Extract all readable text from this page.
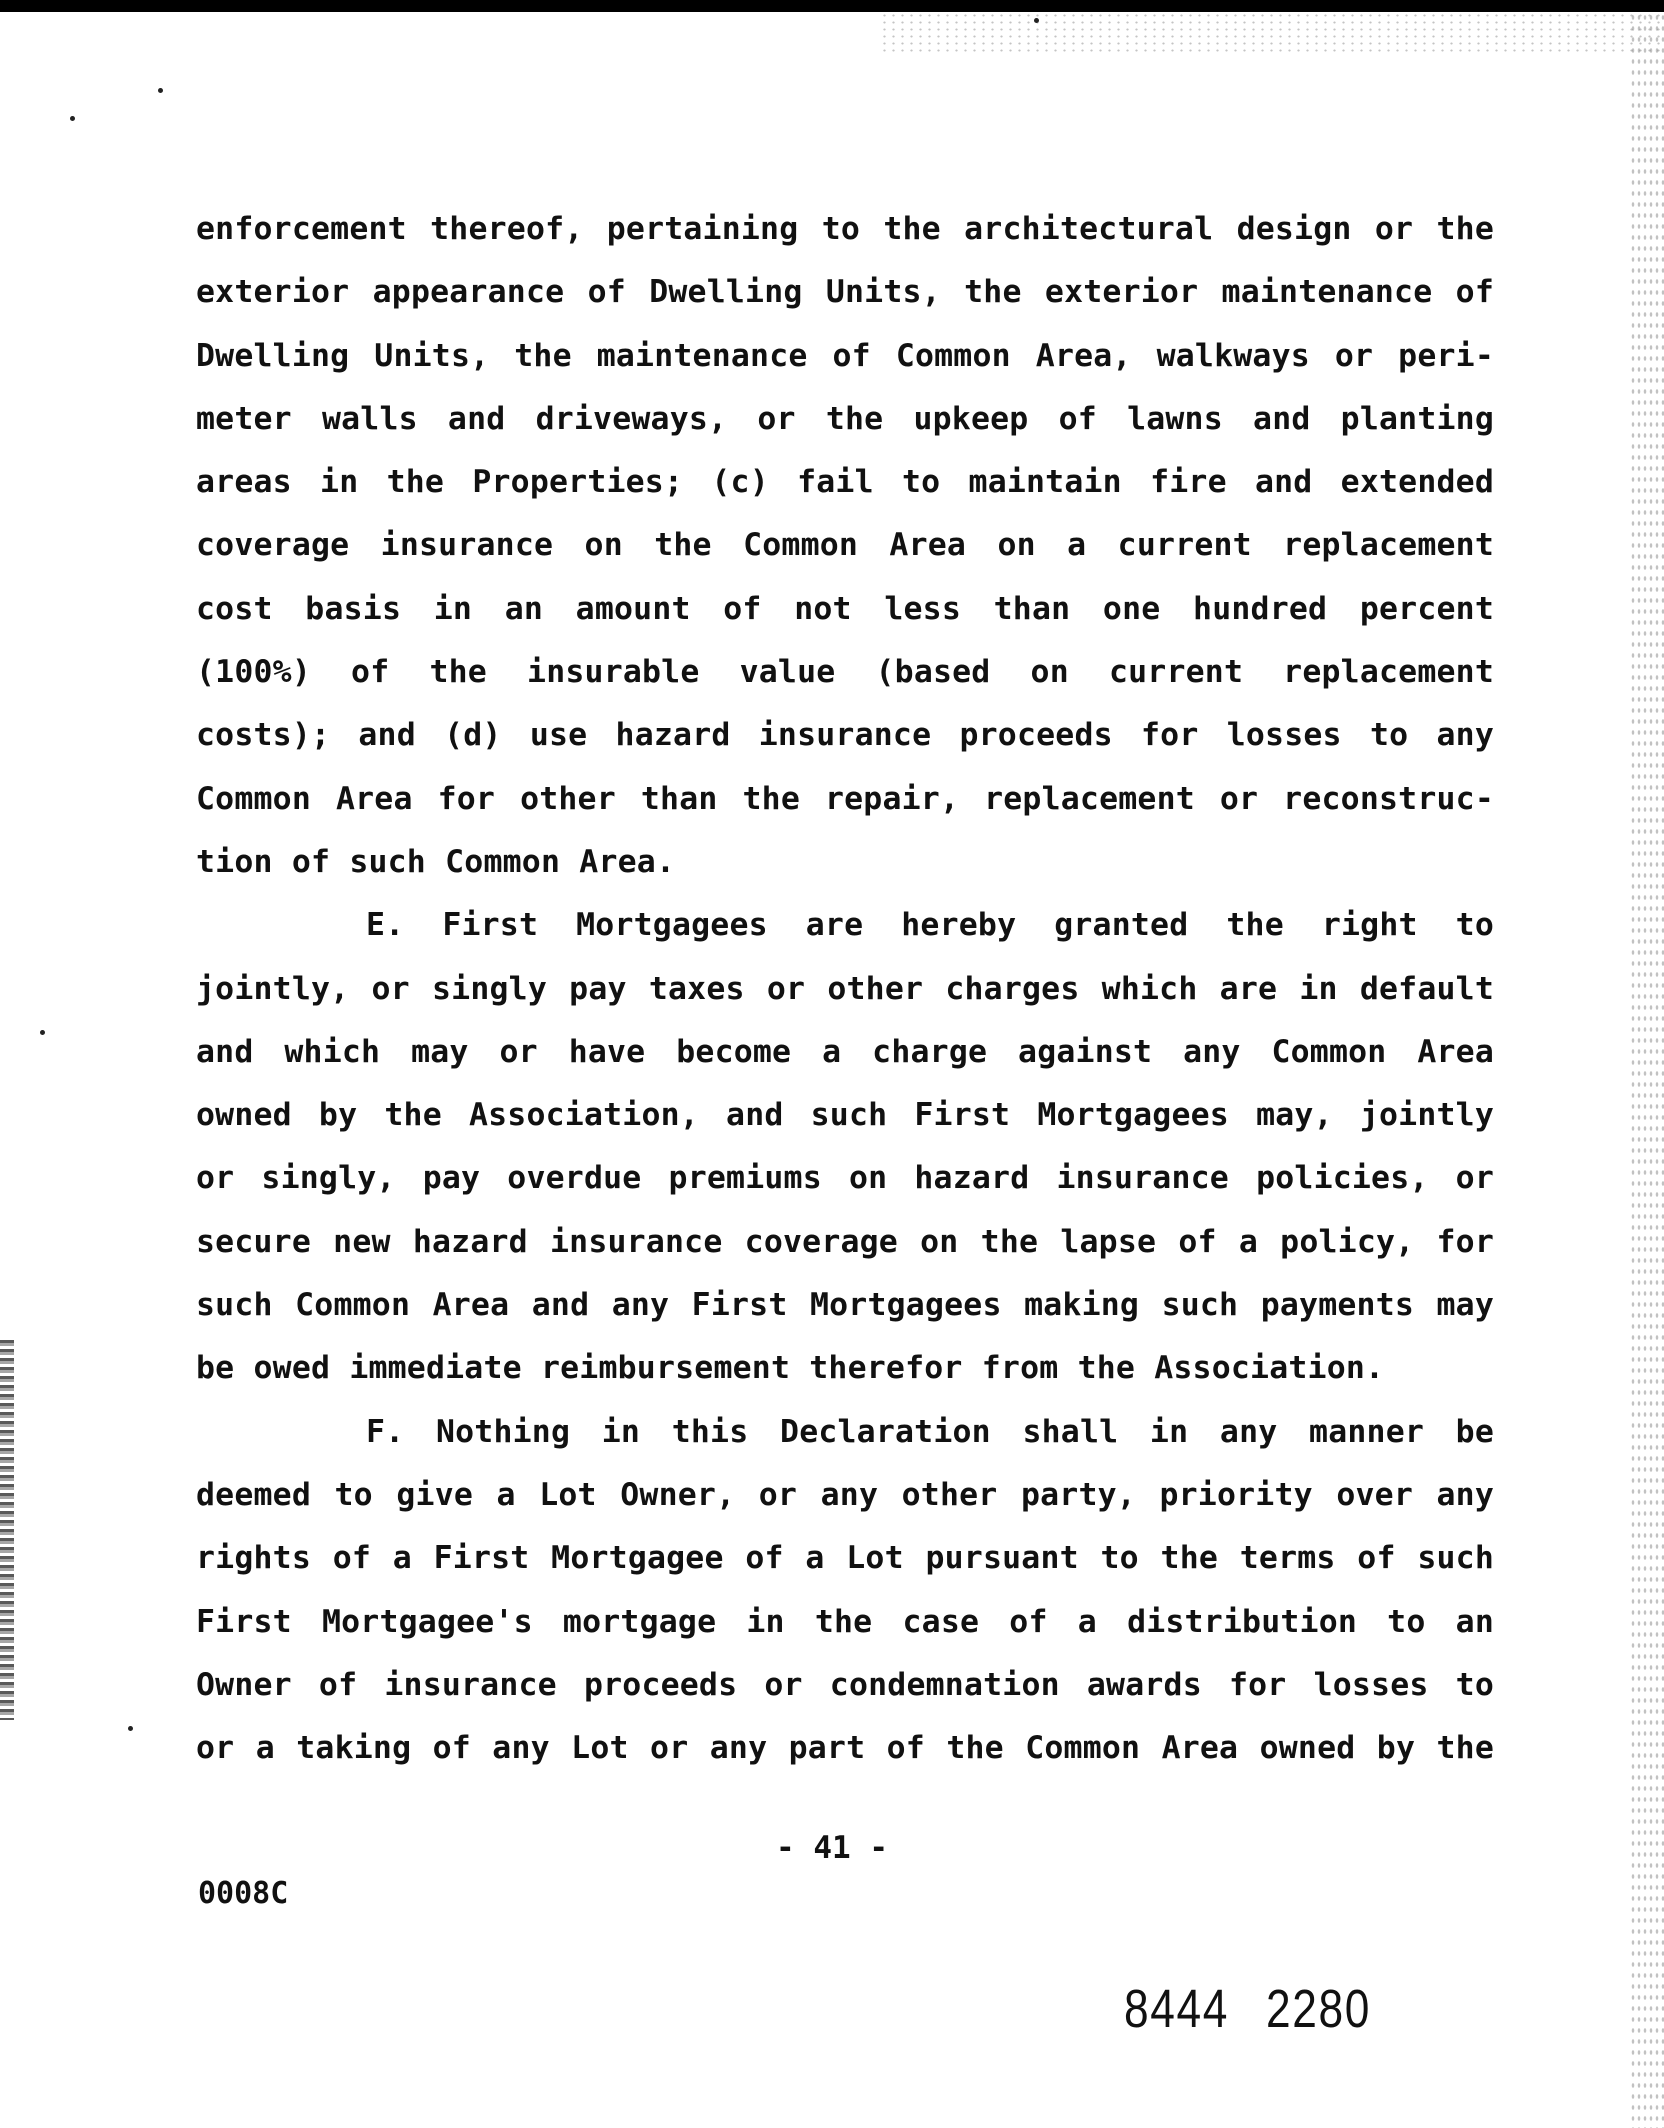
enforcement thereof, pertaining to the architectural design or the
exterior appearance of Dwelling Units, the exterior maintenance of
Dwelling Units, the maintenance of Common Area, walkways or peri-
meter walls and driveways, or the upkeep of lawns and planting
areas in the Properties; (c) fail to maintain fire and extended
coverage insurance on the Common Area on a current replacement
cost basis in an amount of not less than one hundred percent
(100%) of the insurable value (based on current replacement
costs); and (d) use hazard insurance proceeds for losses to any
Common Area for other than the repair, replacement or reconstruc-
tion of such Common Area.
E. First Mortgagees are hereby granted the right to
jointly, or singly pay taxes or other charges which are in default
and which may or have become a charge against any Common Area
owned by the Association, and such First Mortgagees may, jointly
or singly, pay overdue premiums on hazard insurance policies, or
secure new hazard insurance coverage on the lapse of a policy, for
such Common Area and any First Mortgagees making such payments may
be owed immediate reimbursement therefor from the Association.
F. Nothing in this Declaration shall in any manner be
deemed to give a Lot Owner, or any other party, priority over any
rights of a First Mortgagee of a Lot pursuant to the terms of such
First Mortgagee's mortgage in the case of a distribution to an
Owner of insurance proceeds or condemnation awards for losses to
or a taking of any Lot or any part of the Common Area owned by the
- 41 -
0008C
8444 2280
